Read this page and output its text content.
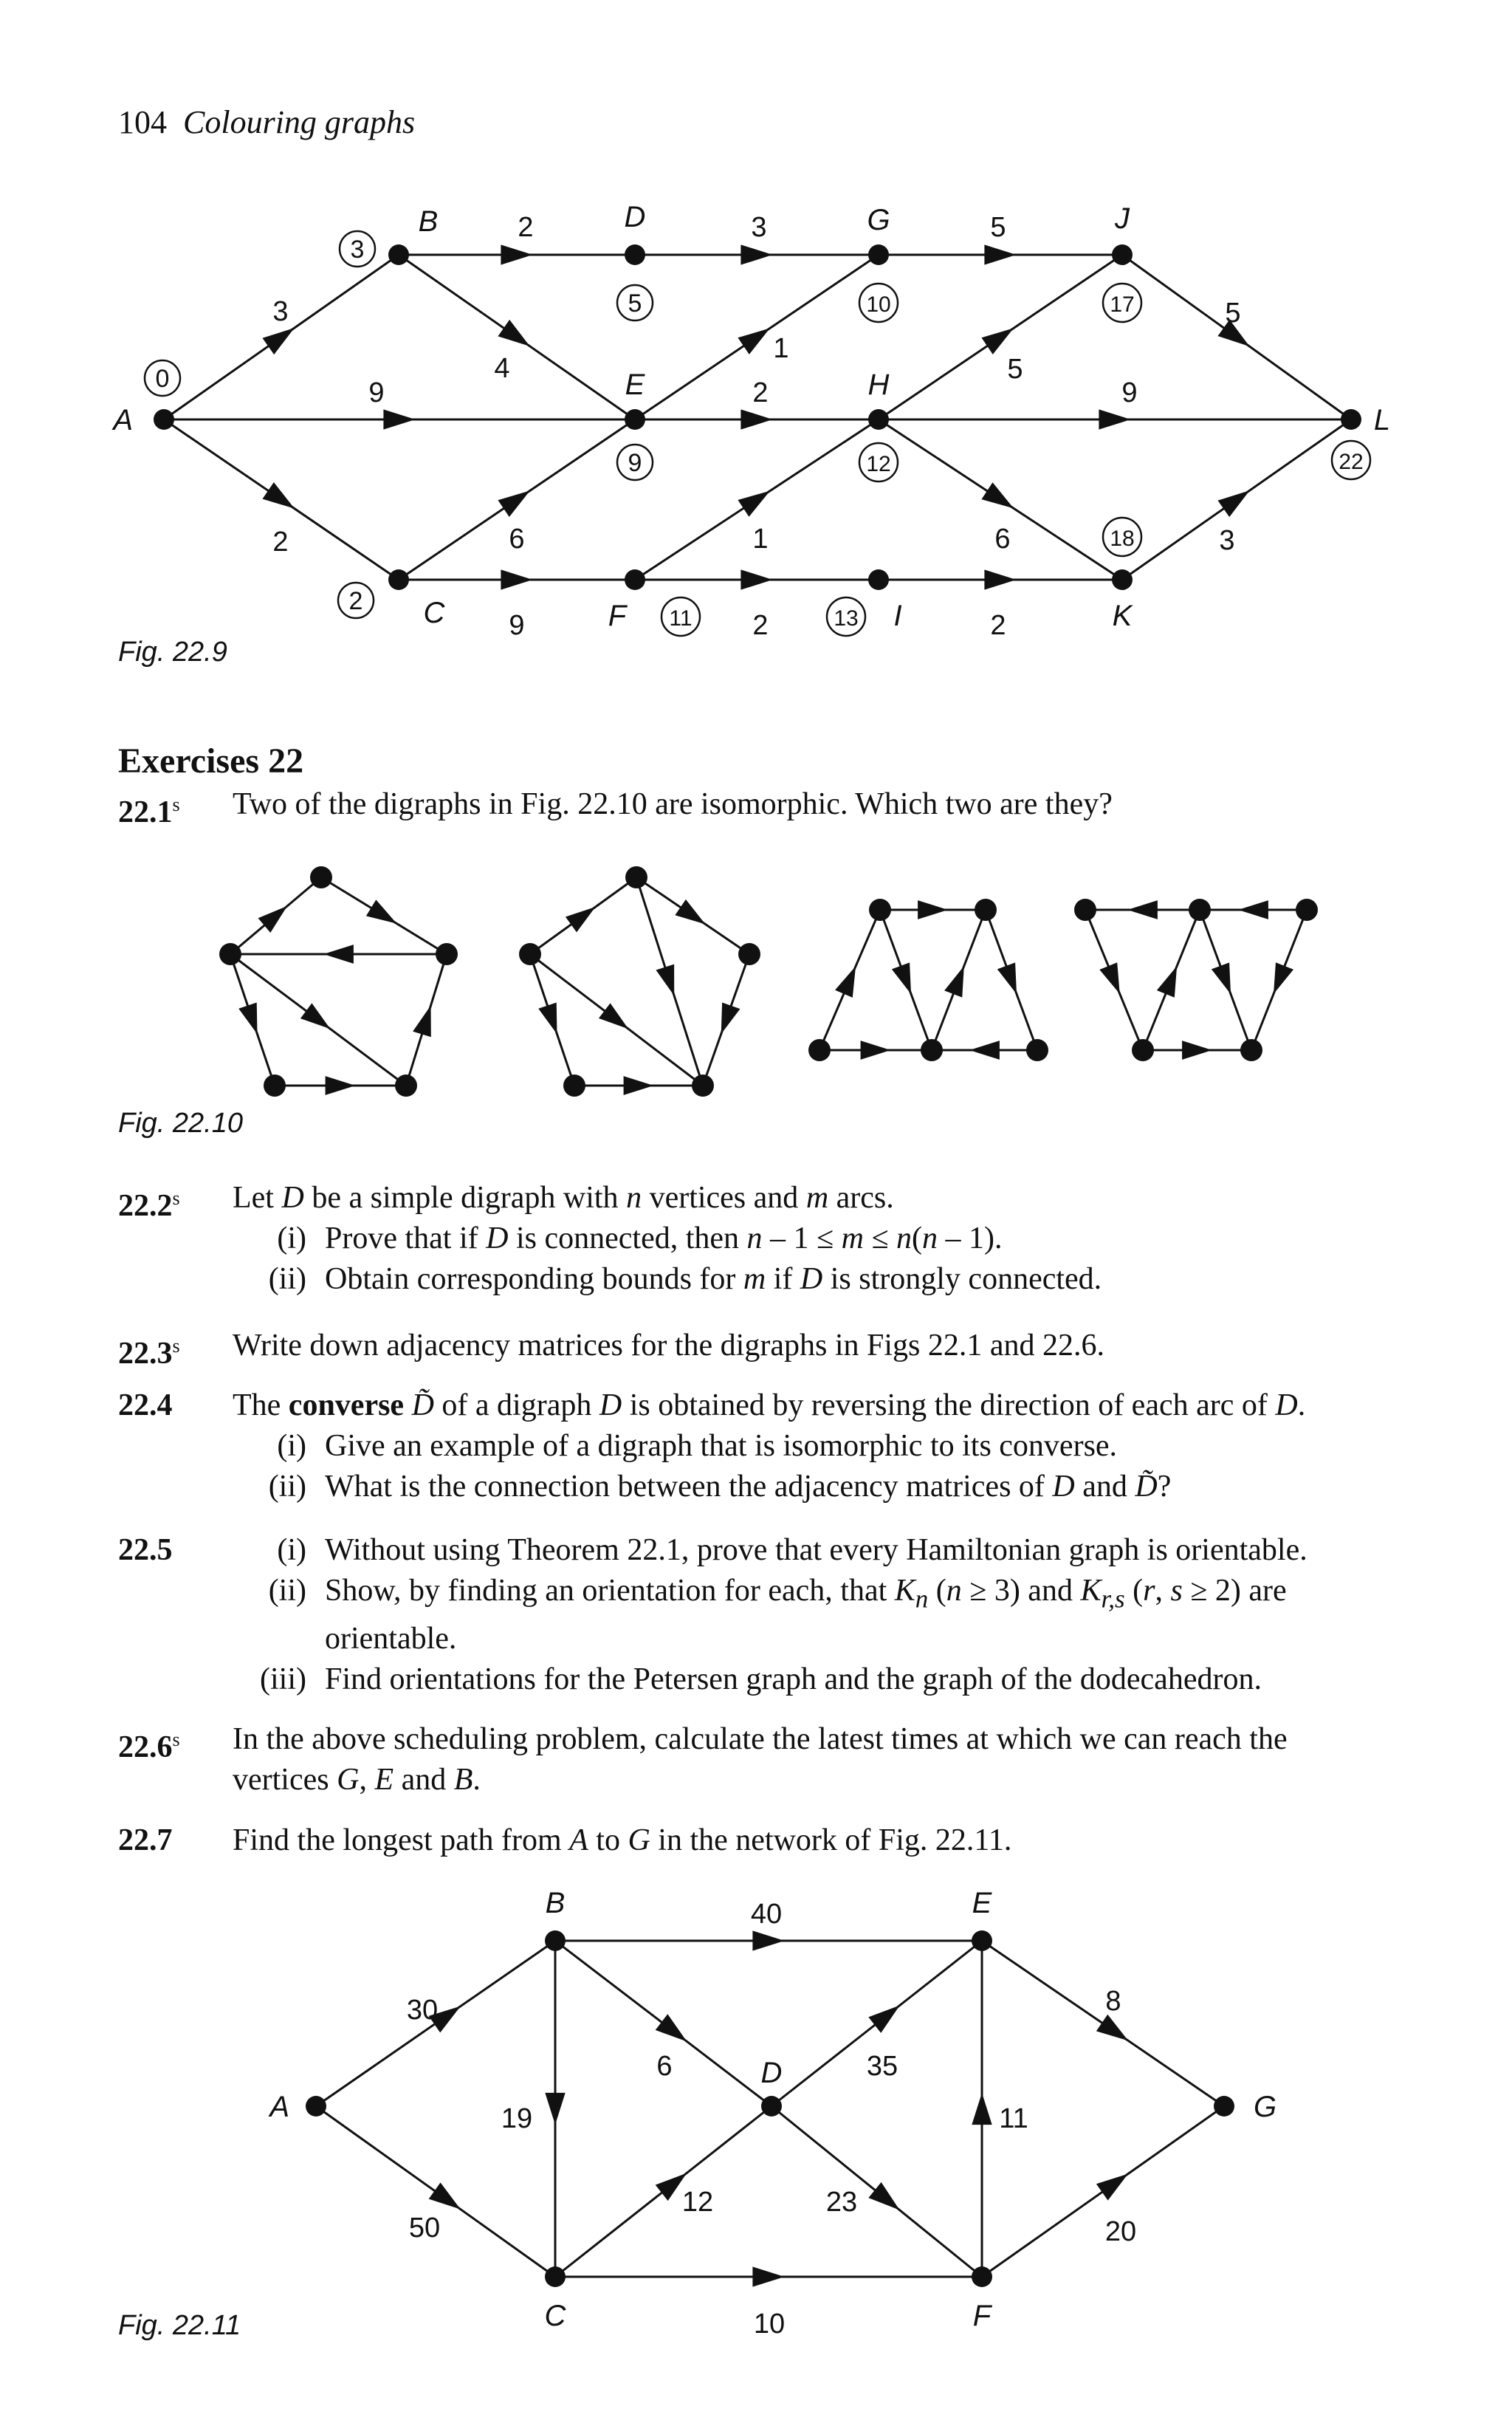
104 Colouring graphs
3
9
2
2
4
6
9
3
1
2
1
2
5
5
9
6
2
5
3
A
0
B
3
C
2
D
5
E
9
F 11
G
10
H
12
I
13
J
17
K
18
L
22
Fig. 22.9
Exercises 22
22.1$^s$ Two of the digraphs in Fig. 22.10 are isomorphic. Which two are they?
Fig. 22.10
22.2$^s$ Let D be a simple digraph with n vertices and m arcs.
(i) Prove that if D is connected, then n – 1 ≤ m ≤ n(n – 1).
(ii) Obtain corresponding bounds for m if D is strongly connected.
22.3$^s$ Write down adjacency matrices for the digraphs in Figs 22.1 and 22.6.
22.4 The converse D̃ of a digraph D is obtained by reversing the direction of each arc of D.
(i) Give an example of a digraph that is isomorphic to its converse.
(ii) What is the connection between the adjacency matrices of D and D̃?
22.5	(i) Without using Theorem 22.1, prove that every Hamiltonian graph is orientable.
(ii) Show, by finding an orientation for each, that $K_n$ (n ≥ 3) and $K_{r,s}$ (r, s ≥ 2) are
orientable.
(iii) Find orientations for the Petersen graph and the graph of the dodecahedron.
22.6$^s$ In the above scheduling problem, calculate the latest times at which we can reach the
vertices G, E and B.
22.7 Find the longest path from A to G in the network of Fig. 22.11.
30
50
40
6
19
12
10
35
23
11
8
20
A
B
C
D
E
F
G
Fig. 22.11
